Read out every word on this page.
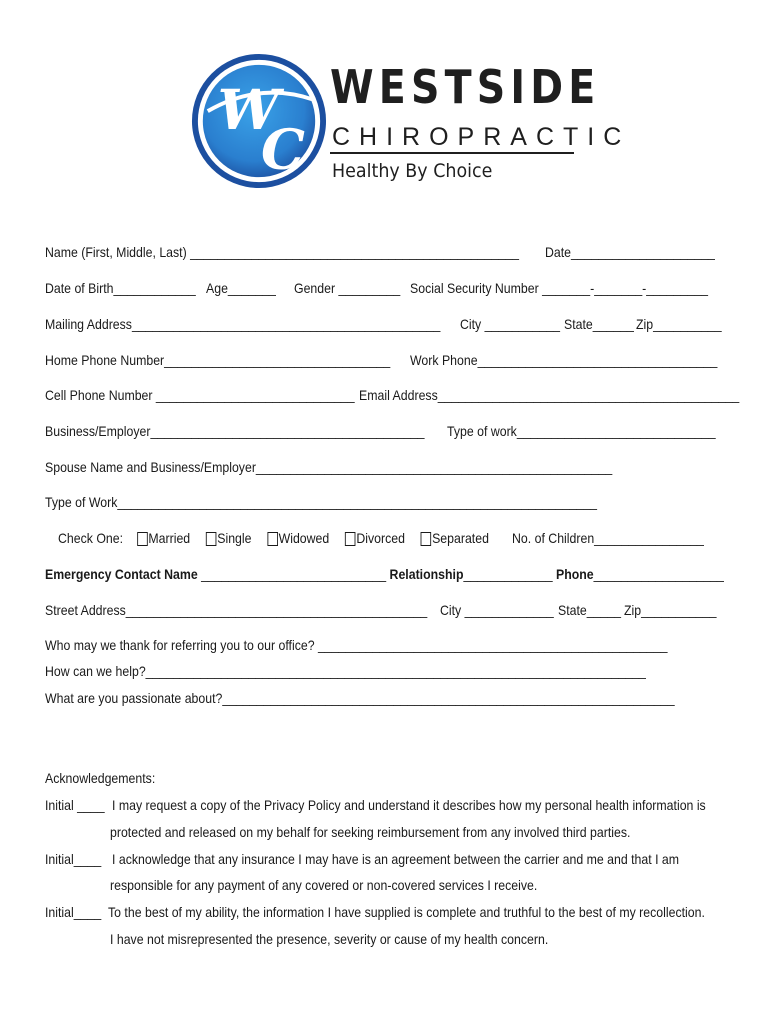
W
C
WESTSIDE
CHIROPRACTIC
Healthy By Choice
Name (First, Middle, Last) ________________________________________________ Date_____________________
Date of Birth____________ Age_______ Gender _________ Social Security Number _______-_______-_________
Mailing Address_____________________________________________ City ___________ State______ Zip__________
Home Phone Number_________________________________ Work Phone___________________________________
Cell Phone Number _____________________________ Email Address____________________________________________
Business/Employer________________________________________ Type of work_____________________________
Spouse Name and Business/Employer____________________________________________________
Type of Work______________________________________________________________________
Check One: Married Single Widowed Divorced Separated No. of Children________________
Emergency Contact Name ___________________________ Relationship_____________ Phone___________________
Street Address____________________________________________ City _____________ State_____ Zip___________
Who may we thank for referring you to our office? ___________________________________________________
How can we help?_________________________________________________________________________
What are you passionate about?__________________________________________________________________
Acknowledgements:
Initial ____ I may request a copy of the Privacy Policy and understand it describes how my personal health information is
protected and released on my behalf for seeking reimbursement from any involved third parties.
Initial____ I acknowledge that any insurance I may have is an agreement between the carrier and me and that I am
responsible for any payment of any covered or non-covered services I receive.
Initial____ To the best of my ability, the information I have supplied is complete and truthful to the best of my recollection.
I have not misrepresented the presence, severity or cause of my health concern.
